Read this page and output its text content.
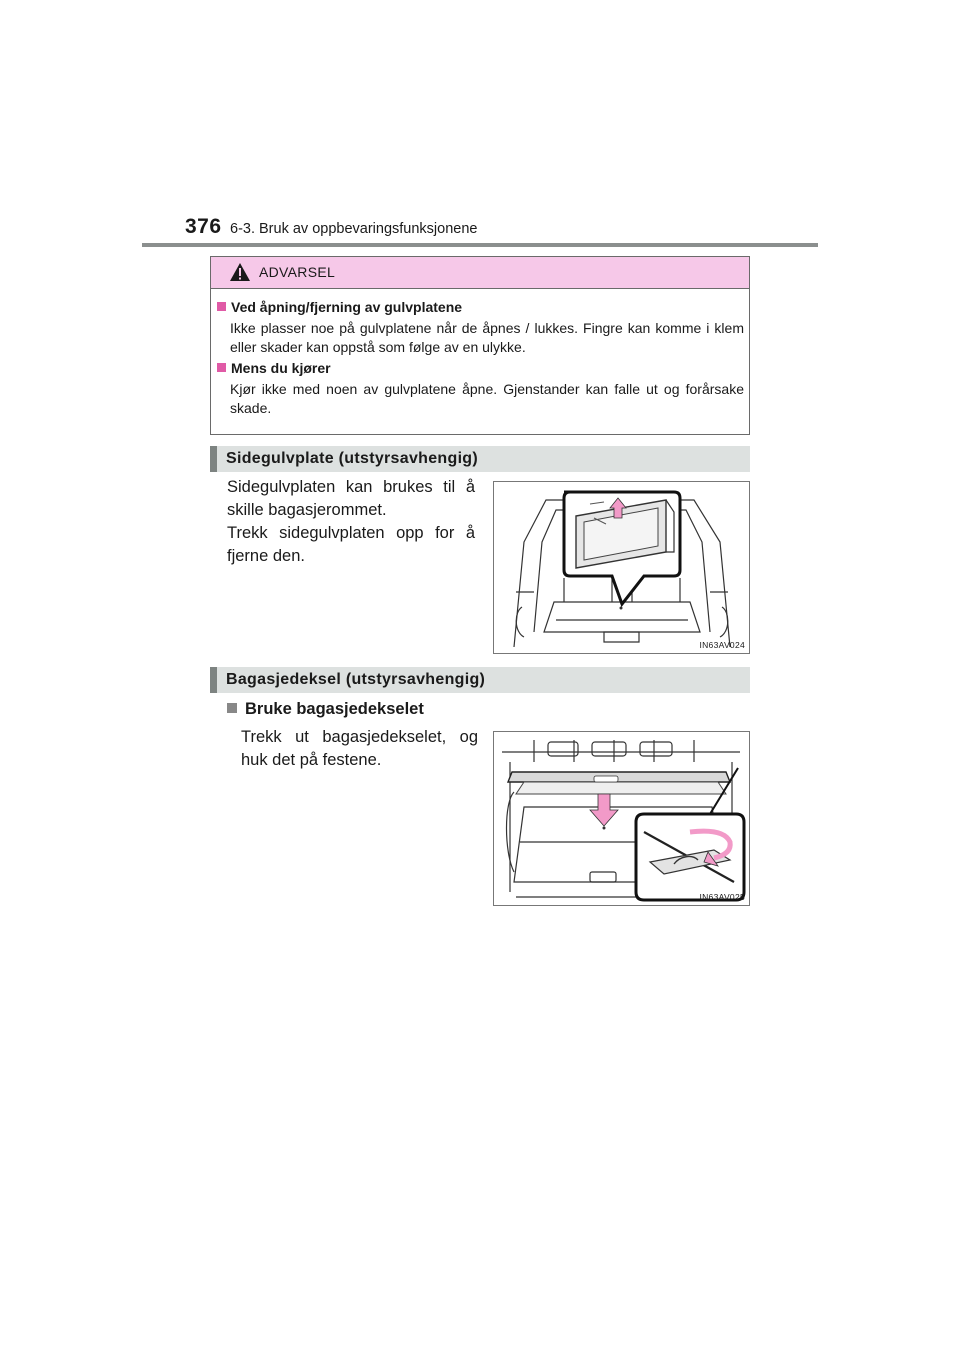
376 6-3. Bruk av oppbevaringsfunksjonene
ADVARSEL
Ved åpning/fjerning av gulvplatene
Ikke plasser noe på gulvplatene når de åpnes / lukkes. Fingre kan komme i klem eller skader kan oppstå som følge av en ulykke.
Mens du kjører
Kjør ikke med noen av gulvplatene åpne. Gjenstander kan falle ut og forårsake skade.
Sidegulvplate (utstyrsavhengig)
Sidegulvplaten kan brukes til å skille bagasjerommet.
Trekk sidegulvplaten opp for å fjerne den.
IN63AV024
Bagasjedeksel (utstyrsavhengig)
Bruke bagasjedekselet
Trekk ut bagasjedekselet, og huk det på festene.
IN63AV025
